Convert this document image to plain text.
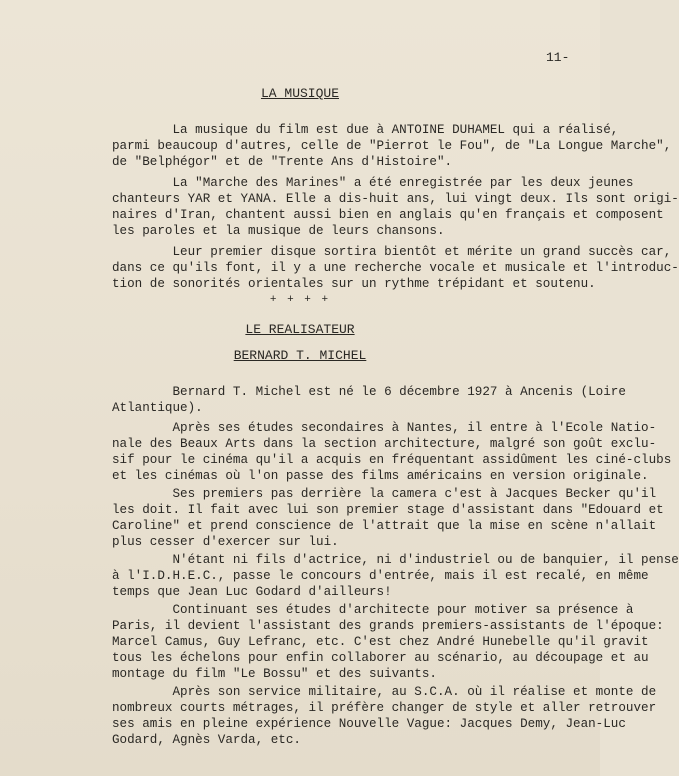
11-
LA MUSIQUE
La musique du film est due à ANTOINE DUHAMEL qui a réalisé,
parmi beaucoup d'autres, celle de "Pierrot le Fou", de "La Longue Marche",
de "Belphégor" et de "Trente Ans d'Histoire".
La "Marche des Marines" a été enregistrée par les deux jeunes
chanteurs YAR et YANA. Elle a dis-huit ans, lui vingt deux. Ils sont origi-
naires d'Iran, chantent aussi bien en anglais qu'en français et composent
les paroles et la musique de leurs chansons.
Leur premier disque sortira bientôt et mérite un grand succès car,
dans ce qu'ils font, il y a une recherche vocale et musicale et l'introduc-
tion de sonorités orientales sur un rythme trépidant et soutenu.
+ + + +
LE REALISATEUR
BERNARD T. MICHEL
Bernard T. Michel est né le 6 décembre 1927 à Ancenis (Loire
Atlantique).
Après ses études secondaires à Nantes, il entre à l'Ecole Natio-
nale des Beaux Arts dans la section architecture, malgré son goût exclu-
sif pour le cinéma qu'il a acquis en fréquentant assidûment les ciné-clubs
et les cinémas où l'on passe des films américains en version originale.
Ses premiers pas derrière la camera c'est à Jacques Becker qu'il
les doit. Il fait avec lui son premier stage d'assistant dans "Edouard et
Caroline" et prend conscience de l'attrait que la mise en scène n'allait
plus cesser d'exercer sur lui.
N'étant ni fils d'actrice, ni d'industriel ou de banquier, il pense
à l'I.D.H.E.C., passe le concours d'entrée, mais il est recalé, en même
temps que Jean Luc Godard d'ailleurs!
Continuant ses études d'architecte pour motiver sa présence à
Paris, il devient l'assistant des grands premiers-assistants de l'époque:
Marcel Camus, Guy Lefranc, etc. C'est chez André Hunebelle qu'il gravit
tous les échelons pour enfin collaborer au scénario, au découpage et au
montage du film "Le Bossu" et des suivants.
Après son service militaire, au S.C.A. où il réalise et monte de
nombreux courts métrages, il préfère changer de style et aller retrouver
ses amis en pleine expérience Nouvelle Vague: Jacques Demy, Jean-Luc
Godard, Agnès Varda, etc.
